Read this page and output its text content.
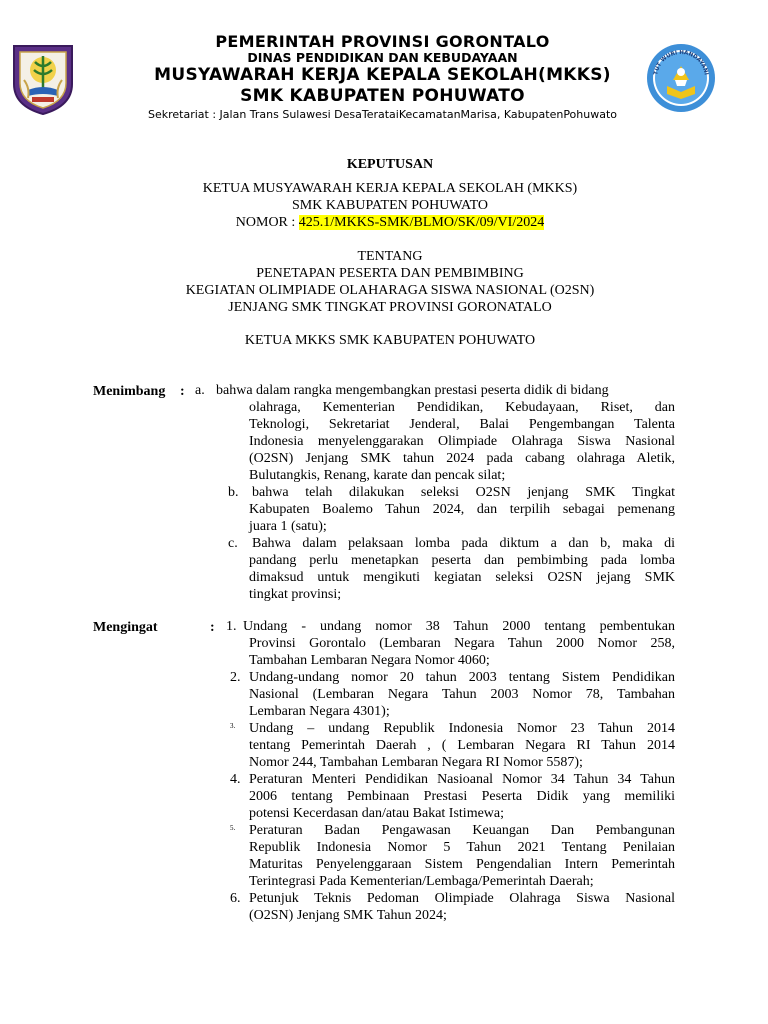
PEMERINTAH PROVINSI GORONTALO
DINAS PENDIDIKAN DAN KEBUDAYAAN
MUSYAWARAH KERJA KEPALA SEKOLAH(MKKS)
SMK KABUPATEN POHUWATO
Sekretariat : Jalan Trans Sulawesi DesaTerataiKecamatanMarisa, KabupatenPohuwato
TUT WURI HANDAYANI
KEPUTUSAN
KETUA MUSYAWARAH KERJA KEPALA SEKOLAH (MKKS)
SMK KABUPATEN POHUWATO
NOMOR : 425.1/MKKS-SMK/BLMO/SK/09/VI/2024
TENTANG
PENETAPAN PESERTA DAN PEMBIMBING
KEGIATAN OLIMPIADE OLAHARAGA SISWA NASIONAL (O2SN)
JENJANG SMK TINGKAT PROVINSI GORONATALO
KETUA MKKS SMK KABUPATEN POHUWATO
Menimbang : a. bahwa dalam rangka mengembangkan prestasi peserta didik di bidang
olahraga, Kementerian Pendidikan, Kebudayaan, Riset, dan
Teknologi, Sekretariat Jenderal, Balai Pengembangan Talenta
Indonesia menyelenggarakan Olimpiade Olahraga Siswa Nasional
(O2SN) Jenjang SMK tahun 2024 pada cabang olahraga Aletik,
Bulutangkis, Renang, karate dan pencak silat;
b. bahwa telah dilakukan seleksi O2SN jenjang SMK Tingkat
Kabupaten Boalemo Tahun 2024, dan terpilih sebagai pemenang
juara 1 (satu);
c. Bahwa dalam pelaksaan lomba pada diktum a dan b, maka di
pandang perlu menetapkan peserta dan pembimbing pada lomba
dimaksud untuk mengikuti kegiatan seleksi O2SN jejang SMK
tingkat provinsi;
Mengingat	: 1. Undang - undang nomor 38 Tahun 2000 tentang pembentukan
Provinsi Gorontalo (Lembaran Negara Tahun 2000 Nomor 258,
Tambahan Lembaran Negara Nomor 4060;
2. Undang-undang nomor 20 tahun 2003 tentang Sistem Pendidikan
Nasional (Lembaran Negara Tahun 2003 Nomor 78, Tambahan
Lembaran Negara 4301);
3. Undang – undang Republik Indonesia Nomor 23 Tahun 2014
tentang Pemerintah Daerah , ( Lembaran Negara RI Tahun 2014
Nomor 244, Tambahan Lembaran Negara RI Nomor 5587);
4. Peraturan Menteri Pendidikan Nasioanal Nomor 34 Tahun 34 Tahun
2006 tentang Pembinaan Prestasi Peserta Didik yang memiliki
potensi Kecerdasan dan/atau Bakat Istimewa;
5. Peraturan Badan Pengawasan Keuangan Dan Pembangunan
Republik Indonesia Nomor 5 Tahun 2021 Tentang Penilaian
Maturitas Penyelenggaraan Sistem Pengendalian Intern Pemerintah
Terintegrasi Pada Kementerian/Lembaga/Pemerintah Daerah;
6. Petunjuk Teknis Pedoman Olimpiade Olahraga Siswa Nasional
(O2SN) Jenjang SMK Tahun 2024;
